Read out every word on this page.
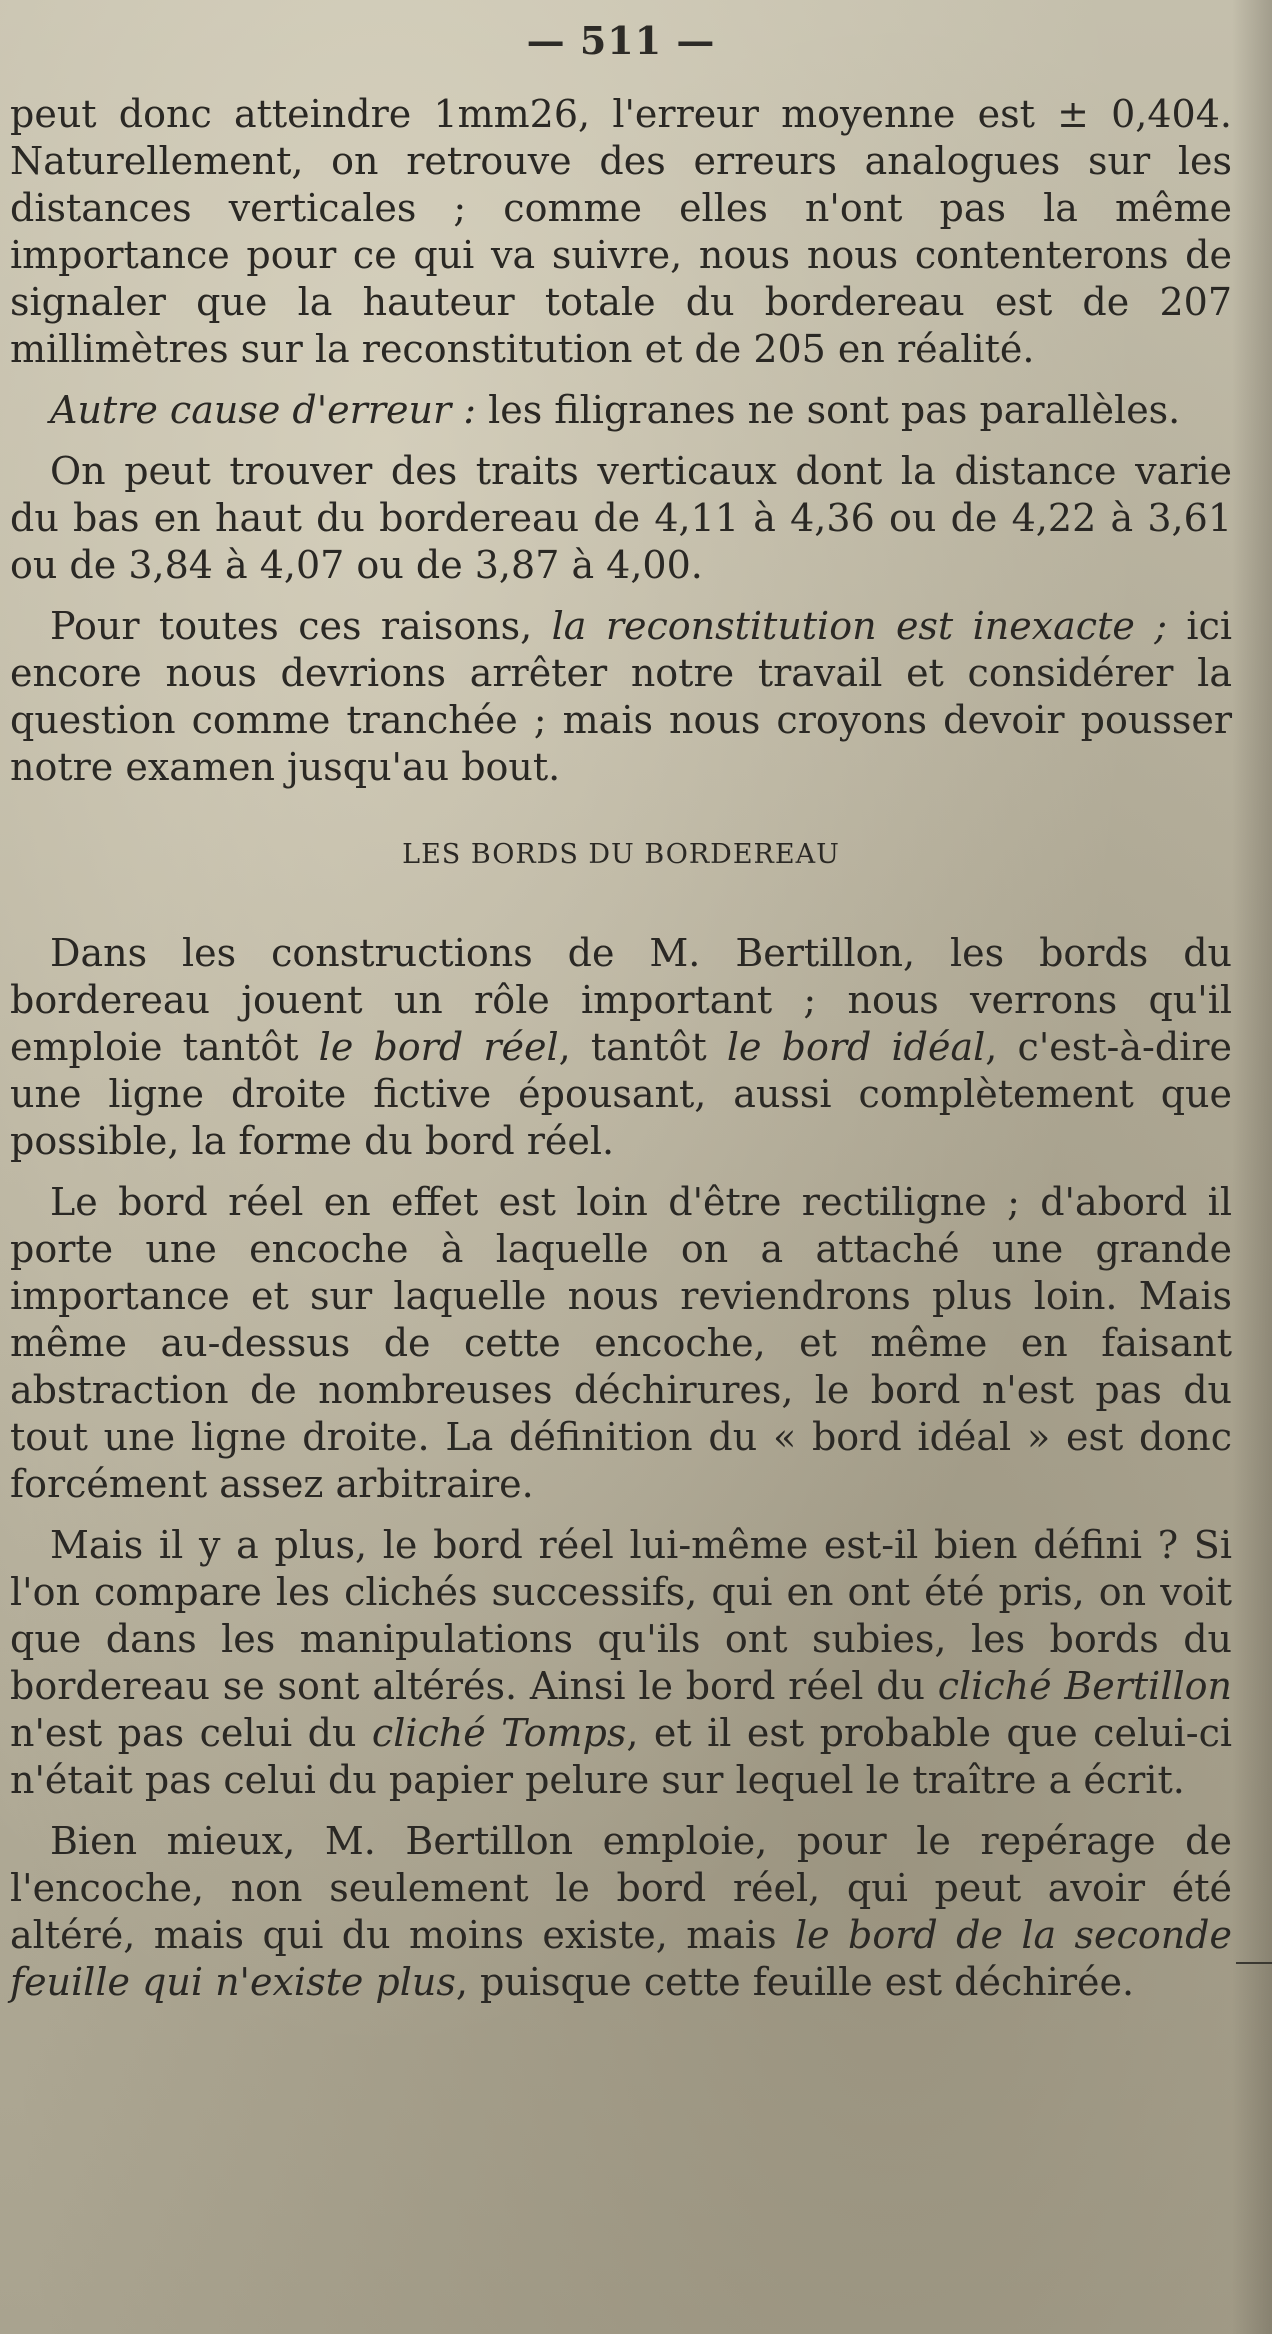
— 511 —

peut donc atteindre 1mm26, l'erreur moyenne est ± 0,404. Naturellement, on retrouve des erreurs analogues sur les distances verticales ; comme elles n'ont pas la même importance pour ce qui va suivre, nous nous contenterons de signaler que la hauteur totale du bordereau est de 207 millimètres sur la reconstitution et de 205 en réalité.

Autre cause d'erreur : les filigranes ne sont pas parallèles.

On peut trouver des traits verticaux dont la distance varie du bas en haut du bordereau de 4,11 à 4,36 ou de 4,22 à 3,61 ou de 3,84 à 4,07 ou de 3,87 à 4,00.

Pour toutes ces raisons, la reconstitution est inexacte ; ici encore nous devrions arrêter notre travail et considérer la question comme tranchée ; mais nous croyons devoir pousser notre examen jusqu'au bout.

LES BORDS DU BORDEREAU

Dans les constructions de M. Bertillon, les bords du bordereau jouent un rôle important ; nous verrons qu'il emploie tantôt le bord réel, tantôt le bord idéal, c'est-à-dire une ligne droite fictive épousant, aussi complètement que possible, la forme du bord réel.

Le bord réel en effet est loin d'être rectiligne ; d'abord il porte une encoche à laquelle on a attaché une grande importance et sur laquelle nous reviendrons plus loin. Mais même au-dessus de cette encoche, et même en faisant abstraction de nombreuses déchirures, le bord n'est pas du tout une ligne droite. La définition du « bord idéal » est donc forcément assez arbitraire.

Mais il y a plus, le bord réel lui-même est-il bien défini ? Si l'on compare les clichés successifs, qui en ont été pris, on voit que dans les manipulations qu'ils ont subies, les bords du bordereau se sont altérés. Ainsi le bord réel du cliché Bertillon n'est pas celui du cliché Tomps, et il est probable que celui-ci n'était pas celui du papier pelure sur lequel le traître a écrit.

Bien mieux, M. Bertillon emploie, pour le repérage de l'encoche, non seulement le bord réel, qui peut avoir été altéré, mais qui du moins existe, mais le bord de la seconde feuille qui n'existe plus, puisque cette feuille est déchirée.
